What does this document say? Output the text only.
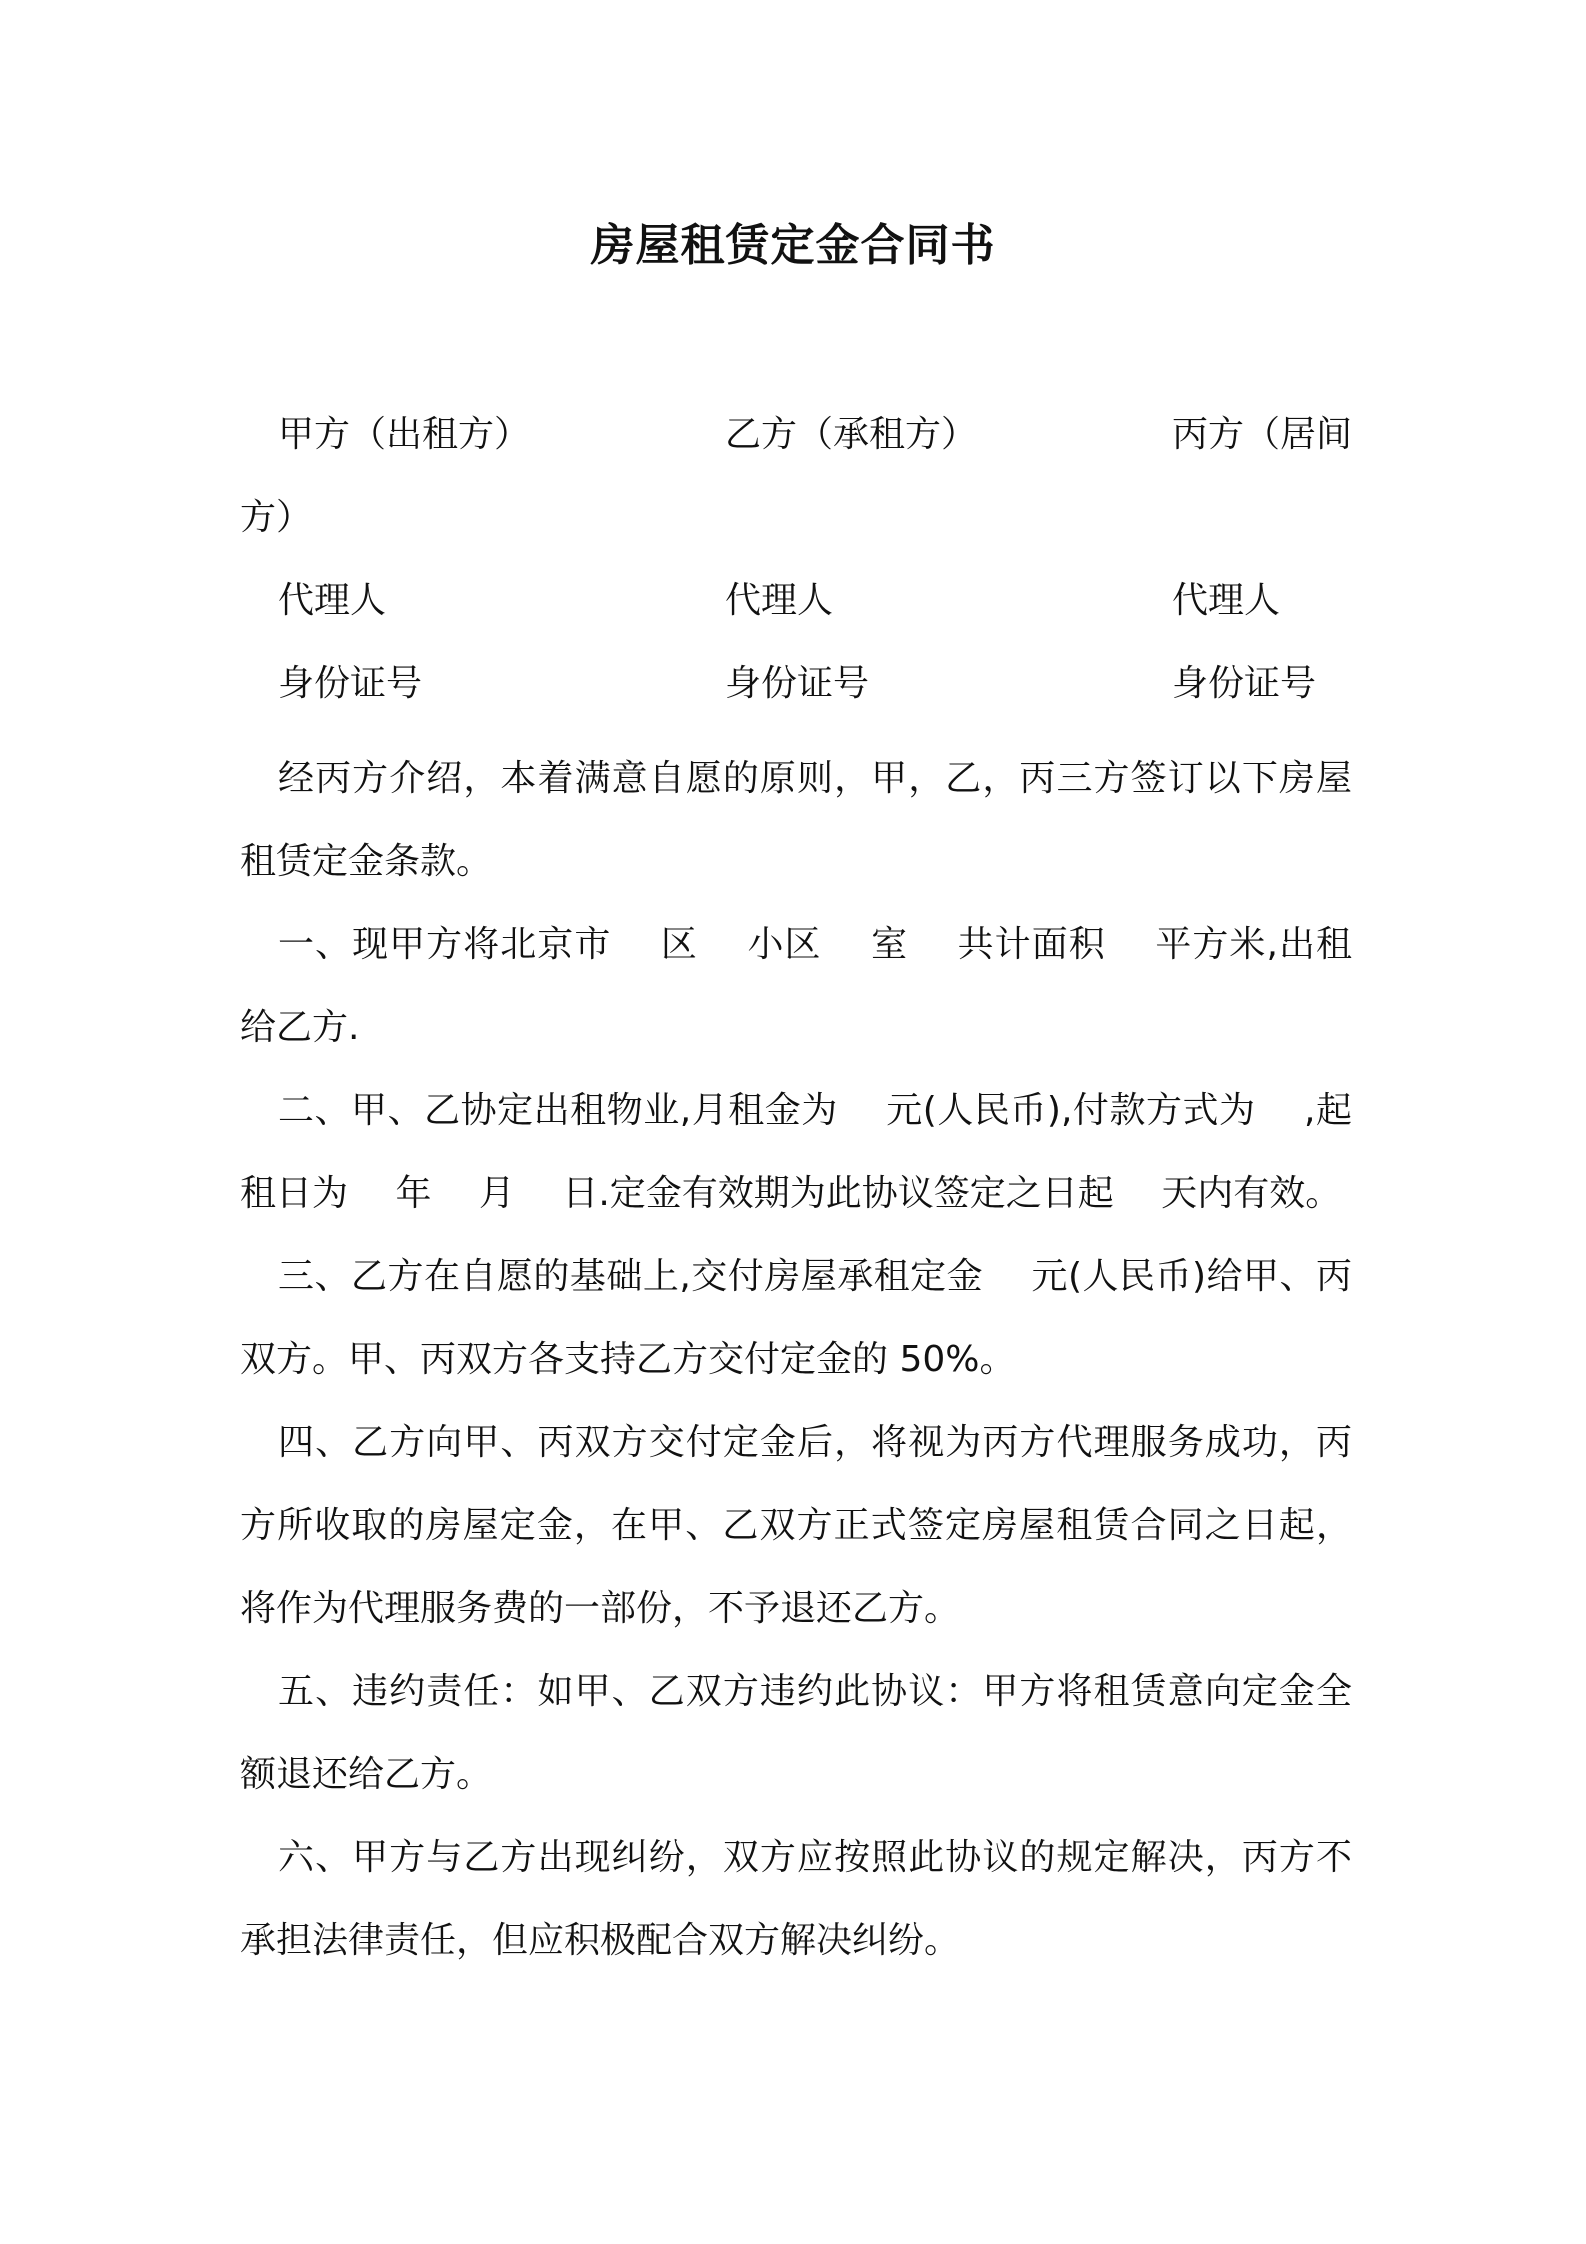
房屋租赁定金合同书
甲方（出租方）	乙方（承租方）	丙方（居间
方）
代理人	代理人	代理人
身份证号	身份证号	身份证号

经丙方介绍，本着满意自愿的原则，甲，乙，丙三方签订以下房屋租赁定金条款。

一、现甲方将北京市　 区　 小区　 室　 共计面积　 平方米,出租给乙方.

二、甲、乙协定出租物业,月租金为　 元(人民币),付款方式为　 ,起租日为　 年　 月　 日.定金有效期为此协议签定之日起　 天内有效。

三、乙方在自愿的基础上,交付房屋承租定金　 元(人民币)给甲、丙双方。甲、丙双方各支持乙方交付定金的 50%。

四、乙方向甲、丙双方交付定金后，将视为丙方代理服务成功，丙方所收取的房屋定金，在甲、乙双方正式签定房屋租赁合同之日起，将作为代理服务费的一部份，不予退还乙方。

五、违约责任：如甲、乙双方违约此协议：甲方将租赁意向定金全额退还给乙方。

六、甲方与乙方出现纠纷，双方应按照此协议的规定解决，丙方不承担法律责任，但应积极配合双方解决纠纷。
